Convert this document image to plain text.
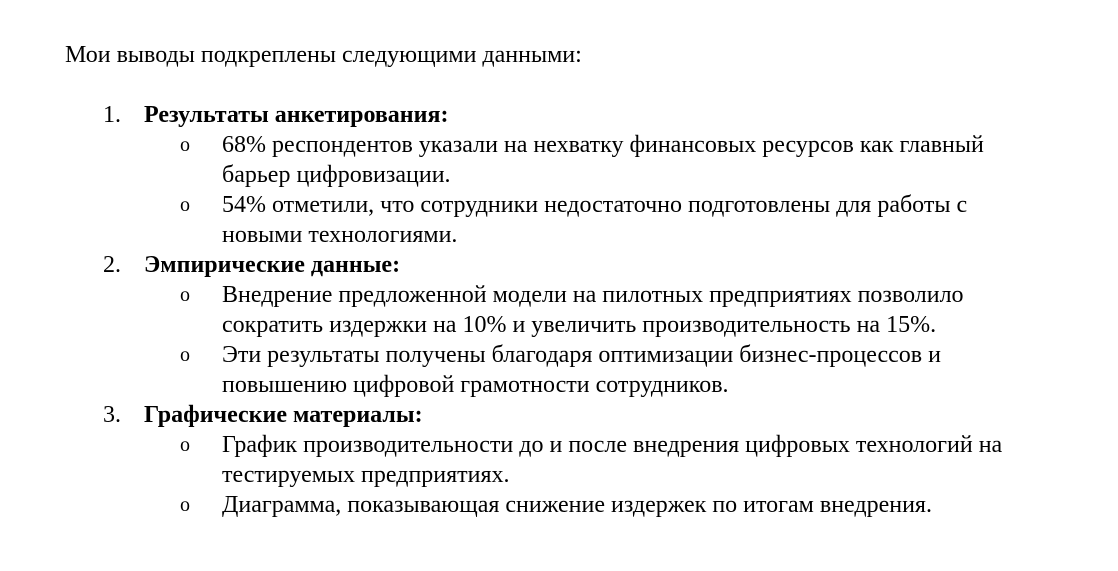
Мои выводы подкреплены следующими данными:
1. Результаты анкетирования:
o 68% респондентов указали на нехватку финансовых ресурсов как главный
барьер цифровизации.
o 54% отметили, что сотрудники недостаточно подготовлены для работы с
новыми технологиями.
2. Эмпирические данные:
o Внедрение предложенной модели на пилотных предприятиях позволило
сократить издержки на 10% и увеличить производительность на 15%.
o Эти результаты получены благодаря оптимизации бизнес-процессов и
повышению цифровой грамотности сотрудников.
3. Графические материалы:
o График производительности до и после внедрения цифровых технологий на
тестируемых предприятиях.
o Диаграмма, показывающая снижение издержек по итогам внедрения.
